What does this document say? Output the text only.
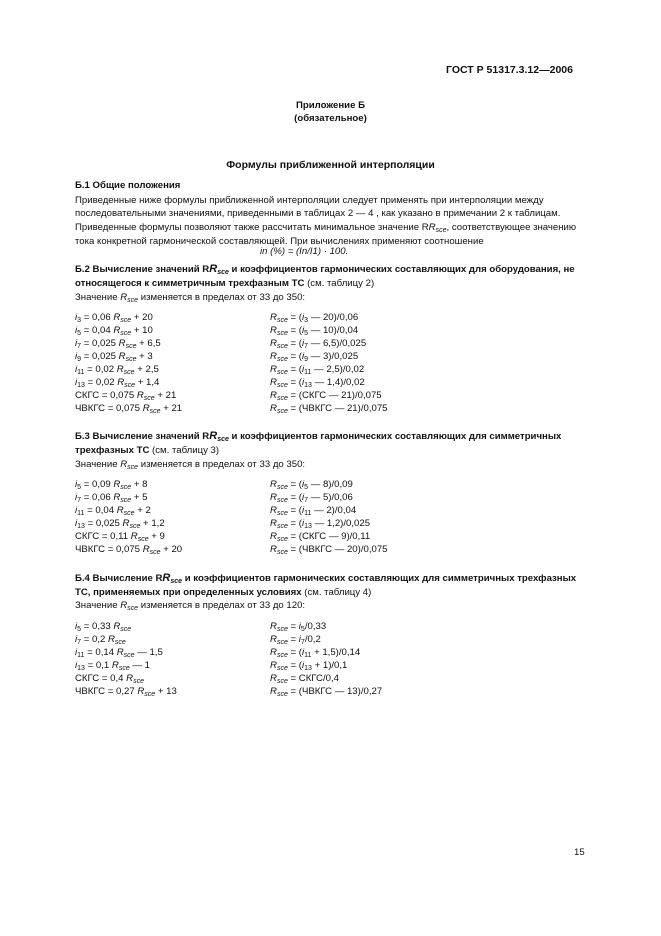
ГОСТ Р 51317.3.12—2006
Приложение Б
(обязательное)
Формулы приближенной интерполяции
Б.1 Общие положения
Приведенные ниже формулы приближенной интерполяции следует применять при интерполяции между последовательными значениями, приведенными в таблицах 2 — 4 , как указано в примечании 2 к таблицам.
Приведенные формулы позволяют также рассчитать минимальное значение $RR_{sce}$, соответствующее значению тока конкретной гармонической составляющей. При вычислениях применяют соотношение
in (%) = (In/I1) · 100.
Б.2 Вычисление значений $RR_{sce}$ и коэффициентов гармонических составляющих для оборудования, не относящегося к симметричным трехфазным ТС (см. таблицу 2)
Значение $R_{sce}$ изменяется в пределах от 33 до 350:
$i_3 = 0,06$ $R_{sce} + 20$
$i_5 = 0,04$ $R_{sce} + 10$
$i_7 = 0,025$ $R_{sce} + 6,5$
$i_9 = 0,025$ $R_{sce} + 3$
$i_{11} = 0,02$ $R_{sce} + 2,5$
$i_{13} = 0,02$ $R_{sce} + 1,4$
СКГС = 0,075 $R_{sce} + 21$
ЧВКГС = 0,075 $R_{sce} + 21$
$R_{sce} = (i_3$ — 20)/0,06
$R_{sce} = (i_5$ — 10)/0,04
$R_{sce} = (i_7$ — 6,5)/0,025
$R_{sce} = (i_9$ — 3)/0,025
$R_{sce} = (i_{11}$ — 2,5)/0,02
$R_{sce} = (i_{13}$ — 1,4)/0,02
$R_{sce}$ = (СКГС — 21)/0,075
$R_{sce}$ = (ЧВКГС — 21)/0,075
Б.3 Вычисление значений $RR_{sce}$ и коэффициентов гармонических составляющих для симметричных трехфазных ТС (см. таблицу 3)
Значение $R_{sce}$ изменяется в пределах от 33 до 350:
$i_5 = 0,09$ $R_{sce} + 8$
$i_7 = 0,06$ $R_{sce} + 5$
$i_{11} = 0,04$ $R_{sce} + 2$
$i_{13} = 0,025$ $R_{sce} + 1,2$
СКГС = 0,11 $R_{sce} + 9$
ЧВКГС = 0,075 $R_{sce} + 20$
$R_{sce} = (i_5$ — 8)/0,09
$R_{sce} = (i_7$ — 5)/0,06
$R_{sce} = (i_{11}$ — 2)/0,04
$R_{sce} = (i_{13}$ — 1,2)/0,025
$R_{sce}$ = (СКГС — 9)/0,11
$R_{sce}$ = (ЧВКГС — 20)/0,075
Б.4 Вычисление $RR_{sce}$ и коэффициентов гармонических составляющих для симметричных трехфазных ТС, применяемых при определенных условиях (см. таблицу 4)
Значение $R_{sce}$ изменяется в пределах от 33 до 120:
$i_5 = 0,33$ $R_{sce}$
$i_7 = 0,2$ $R_{sce}$
$i_{11} = 0,14$ $R_{sce}$ — 1,5
$i_{13} = 0,1$ $R_{sce}$ — 1
СКГС = 0,4 $R_{sce}$
ЧВКГС = 0,27 $R_{sce} + 13$
$R_{sce} = i_5/0,33$
$R_{sce} = i_7/0,2$
$R_{sce} = (i_{11} + 1,5)/0,14$
$R_{sce} = (i_{13} + 1)/0,1$
$R_{sce}$ = СКГС/0,4
$R_{sce}$ = (ЧВКГС — 13)/0,27
15
